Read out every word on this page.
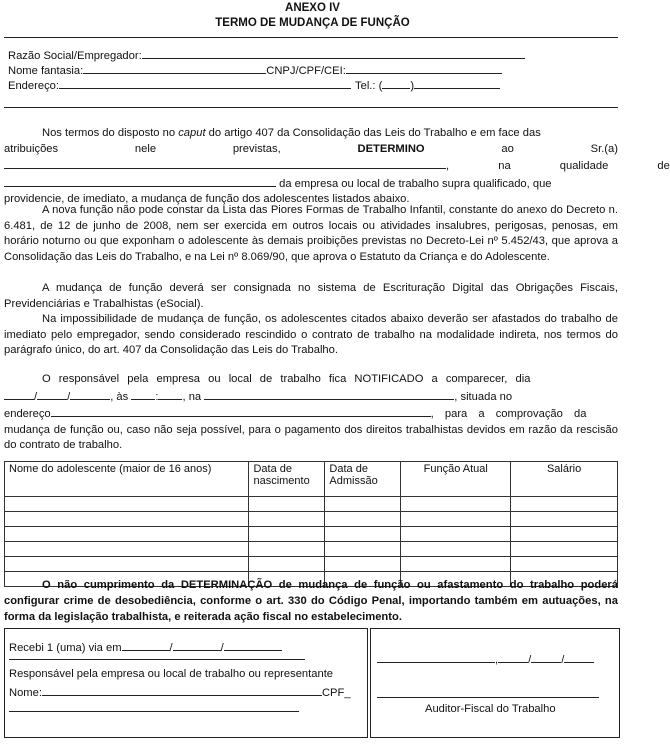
ANEXO IV
TERMO DE MUDANÇA DE FUNÇÃO
Razão Social/Empregador:
Nome fantasia:	CNPJ/CPF/CEI:
Endereço:	Tel.: (	)
Nos termos do disposto no caput do artigo 407 da Consolidação das Leis do Trabalho e em face das
atribuições	nele	previstas,	DETERMINO	ao	Sr.(a)
, na qualidade de
da empresa ou local de trabalho supra qualificado, que
providencie, de imediato, a mudança de função dos adolescentes listados abaixo.
A nova função não pode constar da Lista das Piores Formas de Trabalho Infantil, constante do anexo do Decreto n. 6.481, de 12 de junho de 2008, nem ser exercida em outros locais ou atividades insalubres, perigosas, penosas, em horário noturno ou que exponham o adolescente às demais proibições previstas no Decreto-Lei nº 5.452/43, que aprova a Consolidação das Leis do Trabalho, e na Lei nº 8.069/90, que aprova o Estatuto da Criança e do Adolescente.
A mudança de função deverá ser consignada no sistema de Escrituração Digital das Obrigações Fiscais, Previdenciárias e Trabalhistas (eSocial).
Na impossibilidade de mudança de função, os adolescentes citados abaixo deverão ser afastados do trabalho de imediato pelo empregador, sendo considerado rescindido o contrato de trabalho na modalidade indireta, nos termos do parágrafo único, do art. 407 da Consolidação das Leis do Trabalho.
O responsável pela empresa ou local de trabalho fica NOTIFICADO a comparecer, dia
/	/	, às : , na	, situada no
endereço	, para a comprovação da
mudança de função ou, caso não seja possível, para o pagamento dos direitos trabalhistas devidos em razão da rescisão do contrato de trabalho.
Nome do adolescente (maior de 16 anos)	Data de nascimento	Data de Admissão	Função Atual	Salário

O não cumprimento da DETERMINAÇÃO de mudança de função ou afastamento do trabalho poderá configurar crime de desobediência, conforme o art. 330 do Código Penal, importando também em autuações, na forma da legislação trabalhista, e reiterada ação fiscal no estabelecimento.
Recebi 1 (uma) via em	/	/
Responsável pela empresa ou local de trabalho ou representante
Nome:	CPF_
,	/	/
Auditor-Fiscal do Trabalho
